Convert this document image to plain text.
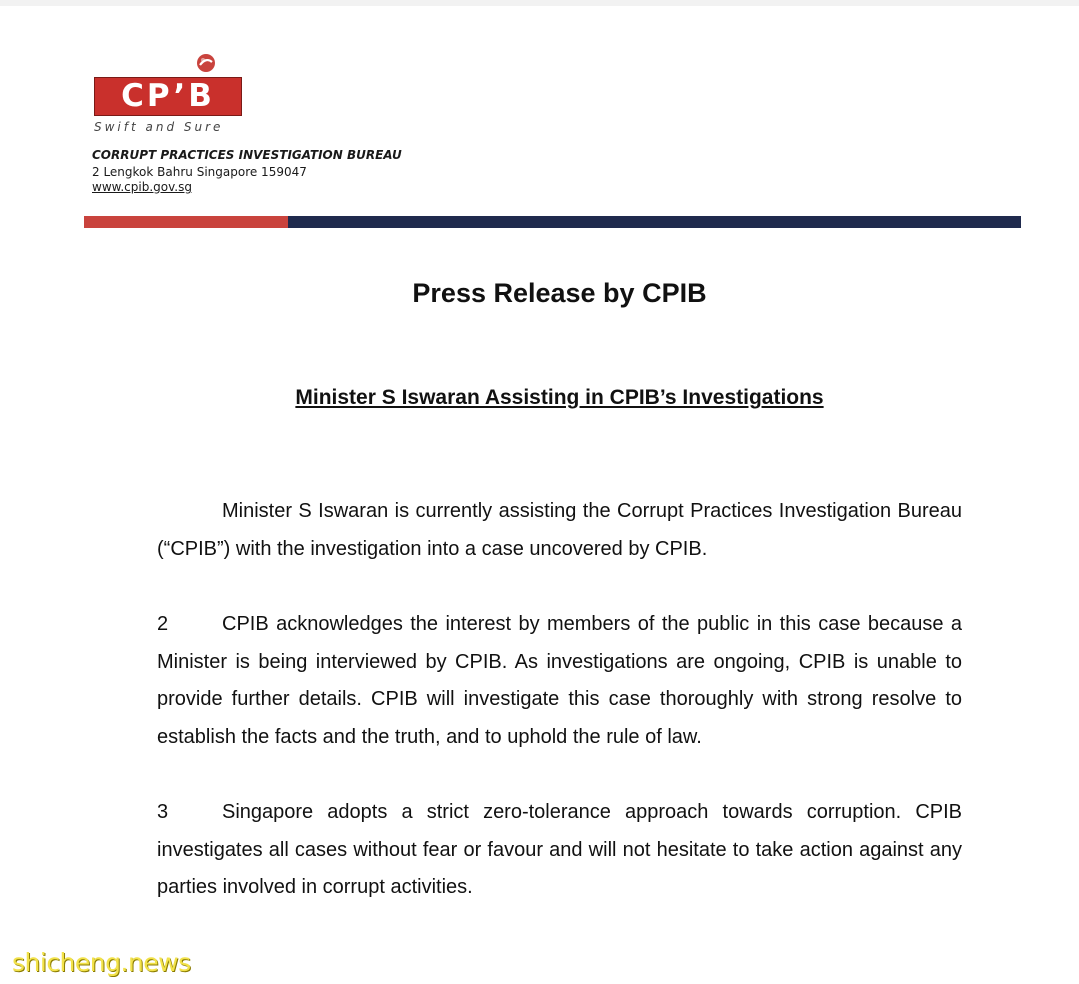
CP’B
Swift and Sure
CORRUPT PRACTICES INVESTIGATION BUREAU
2 Lengkok Bahru Singapore 159047
www.cpib.gov.sg
Press Release by CPIB
Minister S Iswaran Assisting in CPIB’s Investigations

Minister S Iswaran is currently assisting the Corrupt Practices Investigation Bureau (“CPIB”) with the investigation into a case uncovered by CPIB.

2	CPIB acknowledges the interest by members of the public in this case because a Minister is being interviewed by CPIB. As investigations are ongoing, CPIB is unable to provide further details. CPIB will investigate this case thoroughly with strong resolve to establish the facts and the truth, and to uphold the rule of law.

3	Singapore adopts a strict zero-tolerance approach towards corruption. CPIB investigates all cases without fear or favour and will not hesitate to take action against any parties involved in corrupt activities.

shicheng.news
